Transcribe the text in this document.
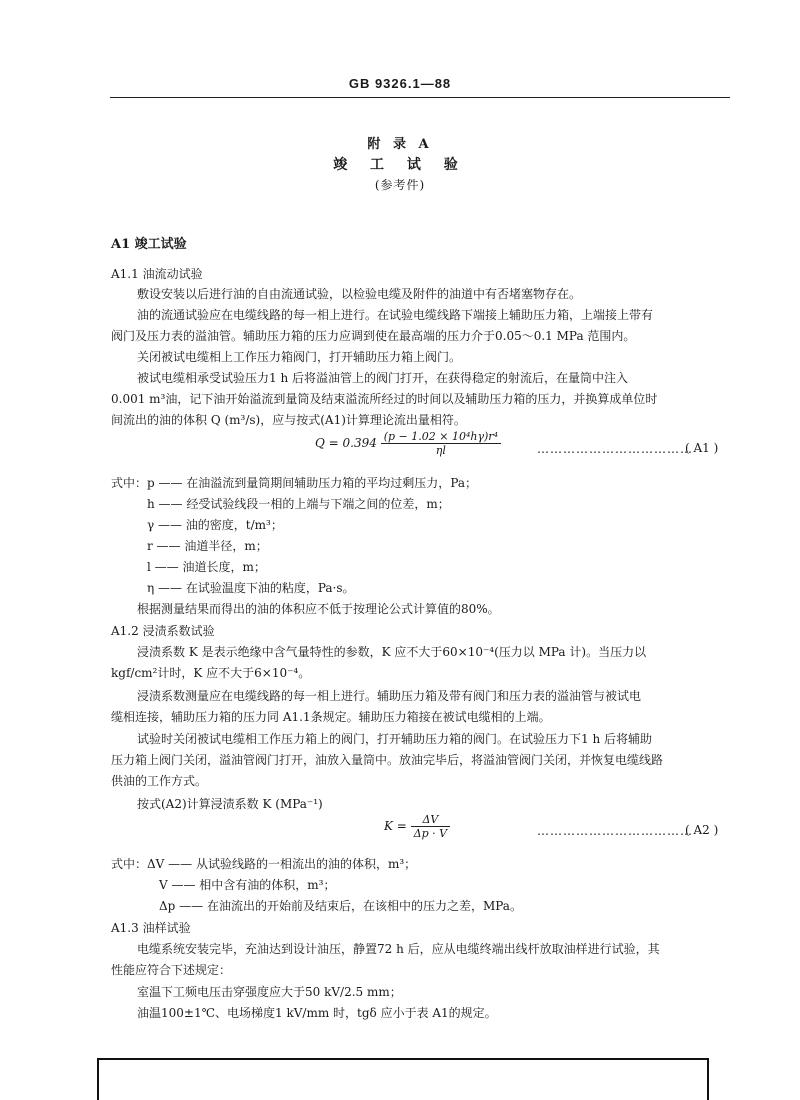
GB 9326.1—88
附 录 A
竣 工 试 验
(参考件)
A1 竣工试验
A1.1 油流动试验
敷设安装以后进行油的自由流通试验，以检验电缆及附件的油道中有否堵塞物存在。
油的流通试验应在电缆线路的每一相上进行。在试验电缆线路下端接上辅助压力箱，上端接上带有
阀门及压力表的溢油管。辅助压力箱的压力应调到使在最高端的压力介于0.05～0.1 MPa 范围内。
关闭被试电缆相上工作压力箱阀门，打开辅助压力箱上阀门。
被试电缆相承受试验压力1 h 后将溢油管上的阀门打开，在获得稳定的射流后，在量筒中注入
0.001 m³油，记下油开始溢流到量筒及结束溢流所经过的时间以及辅助压力箱的压力，并换算成单位时
间流出的油的体积 Q (m³/s)，应与按式(A1)计算理论流出量相符。
$Q = 0.394 \frac{\text{(p − 1.02 × 10⁴hγ)r⁴}}{\eta l}$	………………………………
( A1 )
式中： p —— 在油溢流到量筒期间辅助压力箱的平均过剩压力，Pa；
h —— 经受试验线段一相的上端与下端之间的位差，m；
γ —— 油的密度，t/m³；
r —— 油道半径，m；
l —— 油道长度，m；
η —— 在试验温度下油的粘度，Pa·s。
根据测量结果而得出的油的体积应不低于按理论公式计算值的80%。
A1.2 浸渍系数试验
浸渍系数 K 是表示绝缘中含气量特性的参数，K 应不大于60×10⁻⁴(压力以 MPa 计)。当压力以
kgf/cm²计时，K 应不大于6×10⁻⁴。
浸渍系数测量应在电缆线路的每一相上进行。辅助压力箱及带有阀门和压力表的溢油管与被试电
缆相连接，辅助压力箱的压力同 A1.1条规定。辅助压力箱接在被试电缆相的上端。
试验时关闭被试电缆相工作压力箱上的阀门，打开辅助压力箱的阀门。在试验压力下1 h 后将辅助
压力箱上阀门关闭，溢油管阀门打开，油放入量筒中。放油完毕后，将溢油管阀门关闭，并恢复电缆线路
供油的工作方式。
按式(A2)计算浸渍系数 K (MPa⁻¹)
$K = \frac{\Delta V}{\Delta p \cdot V}$	………………………………
( A2 )
式中： ΔV —— 从试验线路的一相流出的油的体积，m³；
V —— 相中含有油的体积，m³；
Δp —— 在油流出的开始前及结束后，在该相中的压力之差，MPa。
A1.3 油样试验
电缆系统安装完毕，充油达到设计油压，静置72 h 后，应从电缆终端出线杆放取油样进行试验，其
性能应符合下述规定：
室温下工频电压击穿强度应大于50 kV/2.5 mm；
油温100±1℃、电场梯度1 kV/mm 时，tgδ 应小于表 A1的规定。
